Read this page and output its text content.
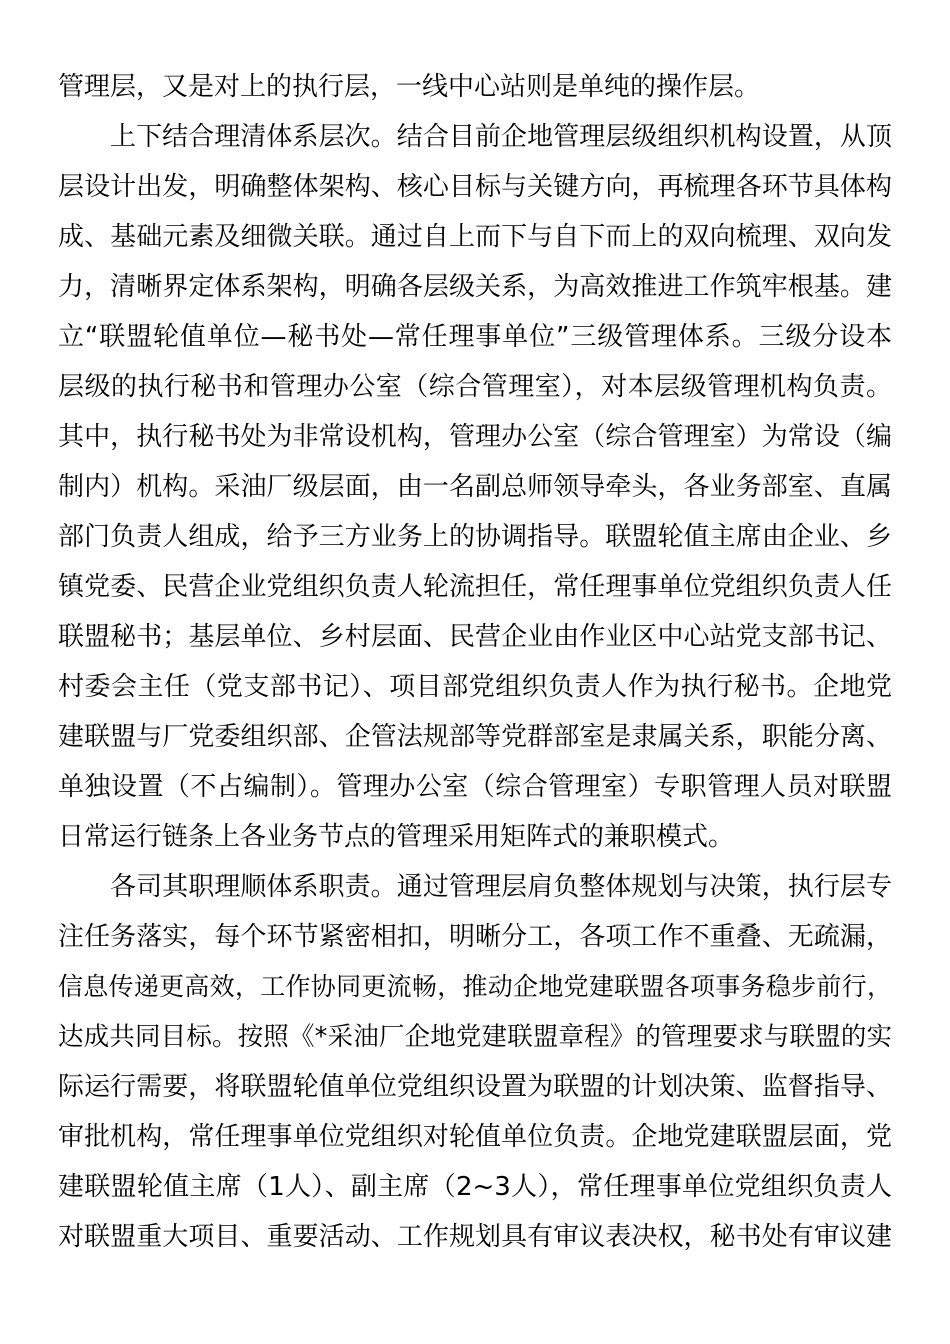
管理层，又是对上的执行层，一线中心站则是单纯的操作层。
上下结合理清体系层次。结合目前企地管理层级组织机构设置，从顶
层设计出发，明确整体架构、核心目标与关键方向，再梳理各环节具体构
成、基础元素及细微关联。通过自上而下与自下而上的双向梳理、双向发
力，清晰界定体系架构，明确各层级关系，为高效推进工作筑牢根基。建
立“联盟轮值单位—秘书处—常任理事单位”三级管理体系。三级分设本
层级的执行秘书和管理办公室（综合管理室），对本层级管理机构负责。
其中，执行秘书处为非常设机构，管理办公室（综合管理室）为常设（编
制内）机构。采油厂级层面，由一名副总师领导牵头，各业务部室、直属
部门负责人组成，给予三方业务上的协调指导。联盟轮值主席由企业、乡
镇党委、民营企业党组织负责人轮流担任，常任理事单位党组织负责人任
联盟秘书；基层单位、乡村层面、民营企业由作业区中心站党支部书记、
村委会主任（党支部书记）、项目部党组织负责人作为执行秘书。企地党
建联盟与厂党委组织部、企管法规部等党群部室是隶属关系，职能分离、
单独设置（不占编制）。管理办公室（综合管理室）专职管理人员对联盟
日常运行链条上各业务节点的管理采用矩阵式的兼职模式。
各司其职理顺体系职责。通过管理层肩负整体规划与决策，执行层专
注任务落实，每个环节紧密相扣，明晰分工，各项工作不重叠、无疏漏，
信息传递更高效，工作协同更流畅，推动企地党建联盟各项事务稳步前行，
达成共同目标。按照《*采油厂企地党建联盟章程》的管理要求与联盟的实
际运行需要，将联盟轮值单位党组织设置为联盟的计划决策、监督指导、
审批机构，常任理事单位党组织对轮值单位负责。企地党建联盟层面，党
建联盟轮值主席（1人）、副主席（2~3人），常任理事单位党组织负责人
对联盟重大项目、重要活动、工作规划具有审议表决权，秘书处有审议建
